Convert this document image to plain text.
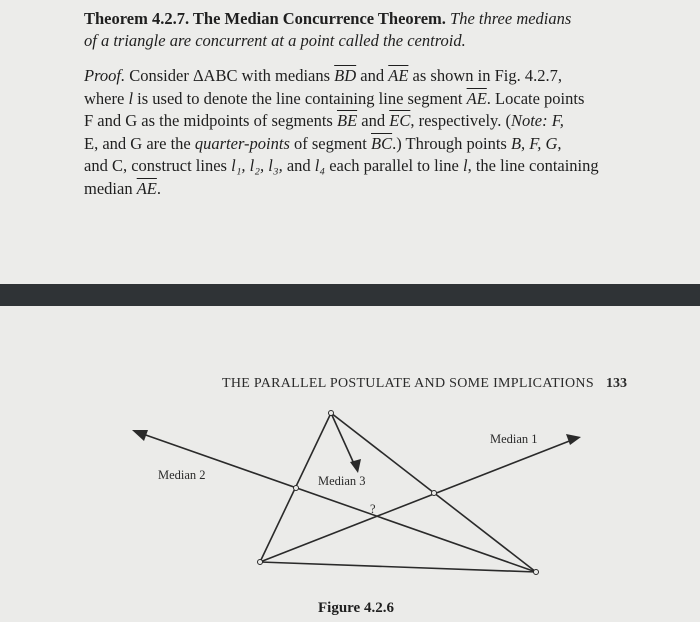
Theorem 4.2.7. The Median Concurrence Theorem. The three medians
of a triangle are concurrent at a point called the centroid.
Proof. Consider ΔABC with medians $\overline{BD}$ and $\overline{AE}$ as shown in Fig. 4.2.7,
where l is used to denote the line containing line segment $\overline{AE}$. Locate points
F and G as the midpoints of segments $\overline{BE}$ and $\overline{EC}$, respectively. (Note: F,
E, and G are the quarter-points of segment $\overline{BC}$.) Through points B, F, G,
and C, construct lines l₁, l₂, l₃, and l₄ each parallel to line l, the line containing
median $\overline{AE}$.
THE PARALLEL POSTULATE AND SOME IMPLICATIONS 133
Median 2
Median 1
Median 3
?
Figure 4.2.6
